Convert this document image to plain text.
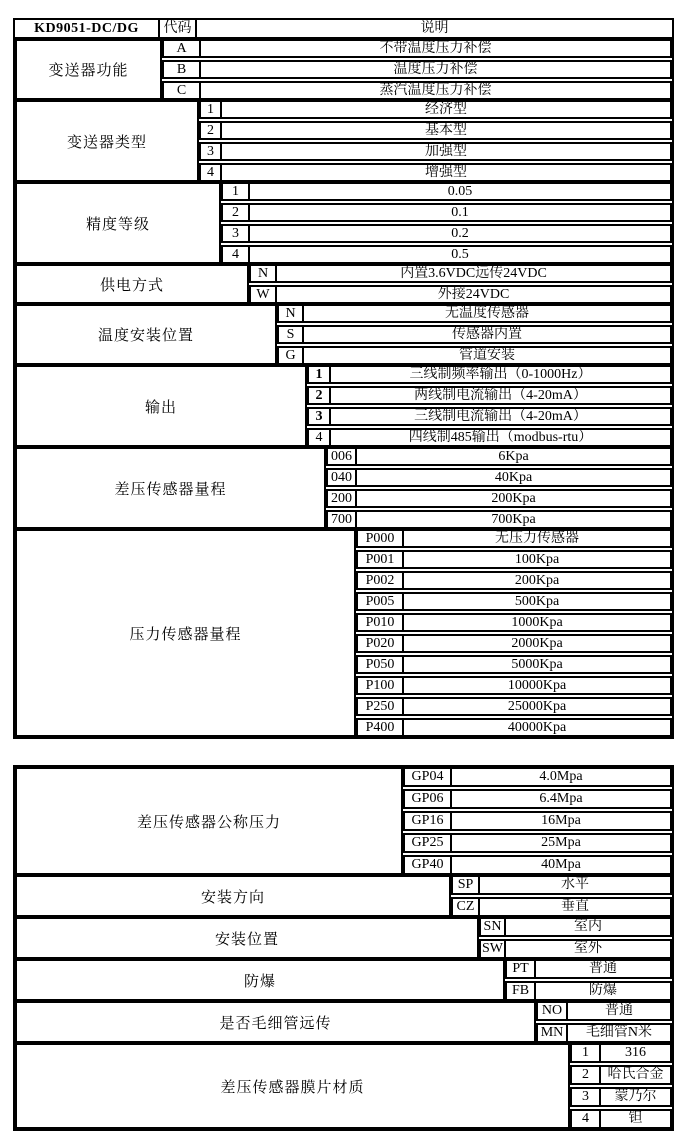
KD9051-DC/DG	代码	说明
变送器功能
A	不带温度压力补偿
B	温度压力补偿
C	蒸汽温度压力补偿
变送器类型
1	经济型
2	基本型
3	加强型
4	增强型
精度等级
1	0.05
2	0.1
3	0.2
4	0.5
供电方式
N	内置3.6VDC远传24VDC
W	外接24VDC
温度安装位置
N	无温度传感器
S	传感器内置
G	管道安装
输出
1	三线制频率输出（0-1000Hz）
2	两线制电流输出（4-20mA）
3	三线制电流输出（4-20mA）
4	四线制485输出（modbus-rtu）
差压传感器量程
006	6Kpa
040	40Kpa
200	200Kpa
700	700Kpa
压力传感器量程
P000	无压力传感器
P001	100Kpa
P002	200Kpa
P005	500Kpa
P010	1000Kpa
P020	2000Kpa
P050	5000Kpa
P100	10000Kpa
P250	25000Kpa
P400	40000Kpa
差压传感器公称压力
GP04	4.0Mpa
GP06	6.4Mpa
GP16	16Mpa
GP25	25Mpa
GP40	40Mpa
安装方向
SP	水平
CZ	垂直
安装位置
SN	室内
SW	室外
防爆
PT	普通
FB	防爆
是否毛细管远传
NO	普通
MN	毛细管N米
差压传感器膜片材质
1	316
2	哈氏合金
3	蒙乃尔
4	钽
